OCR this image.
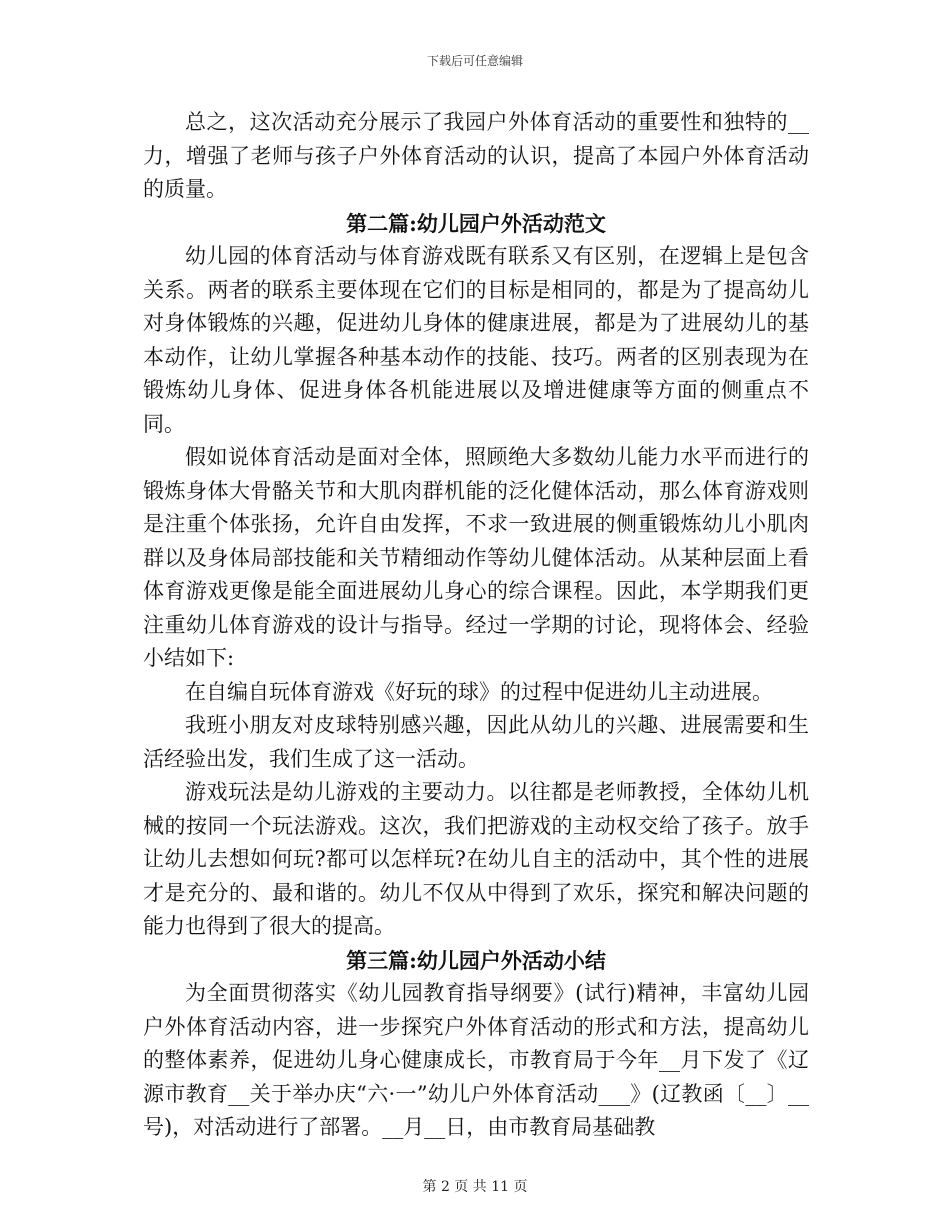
下载后可任意编辑

总之，这次活动充分展示了我园户外体育活动的重要性和独特的__力，增强了老师与孩子户外体育活动的认识，提高了本园户外体育活动的质量。

第二篇:幼儿园户外活动范文

幼儿园的体育活动与体育游戏既有联系又有区别，在逻辑上是包含关系。两者的联系主要体现在它们的目标是相同的，都是为了提高幼儿对身体锻炼的兴趣，促进幼儿身体的健康进展，都是为了进展幼儿的基本动作，让幼儿掌握各种基本动作的技能、技巧。两者的区别表现为在锻炼幼儿身体、促进身体各机能进展以及增进健康等方面的侧重点不同。

假如说体育活动是面对全体，照顾绝大多数幼儿能力水平而进行的锻炼身体大骨骼关节和大肌肉群机能的泛化健体活动，那么体育游戏则是注重个体张扬，允许自由发挥，不求一致进展的侧重锻炼幼儿小肌肉群以及身体局部技能和关节精细动作等幼儿健体活动。从某种层面上看体育游戏更像是能全面进展幼儿身心的综合课程。因此，本学期我们更注重幼儿体育游戏的设计与指导。经过一学期的讨论，现将体会、经验小结如下:

在自编自玩体育游戏《好玩的球》的过程中促进幼儿主动进展。

我班小朋友对皮球特别感兴趣，因此从幼儿的兴趣、进展需要和生活经验出发，我们生成了这一活动。

游戏玩法是幼儿游戏的主要动力。以往都是老师教授，全体幼儿机械的按同一个玩法游戏。这次，我们把游戏的主动权交给了孩子。放手让幼儿去想如何玩?都可以怎样玩?在幼儿自主的活动中，其个性的进展才是充分的、最和谐的。幼儿不仅从中得到了欢乐，探究和解决问题的能力也得到了很大的提高。

第三篇:幼儿园户外活动小结

为全面贯彻落实《幼儿园教育指导纲要》(试行)精神，丰富幼儿园户外体育活动内容，进一步探究户外体育活动的形式和方法，提高幼儿的整体素养，促进幼儿身心健康成长，市教育局于今年__月下发了《辽源市教育__关于举办庆“六·一”幼儿户外体育活动___》(辽教函〔__〕__号)，对活动进行了部署。__月__日，由市教育局基础教

第 2 页 共 11 页
